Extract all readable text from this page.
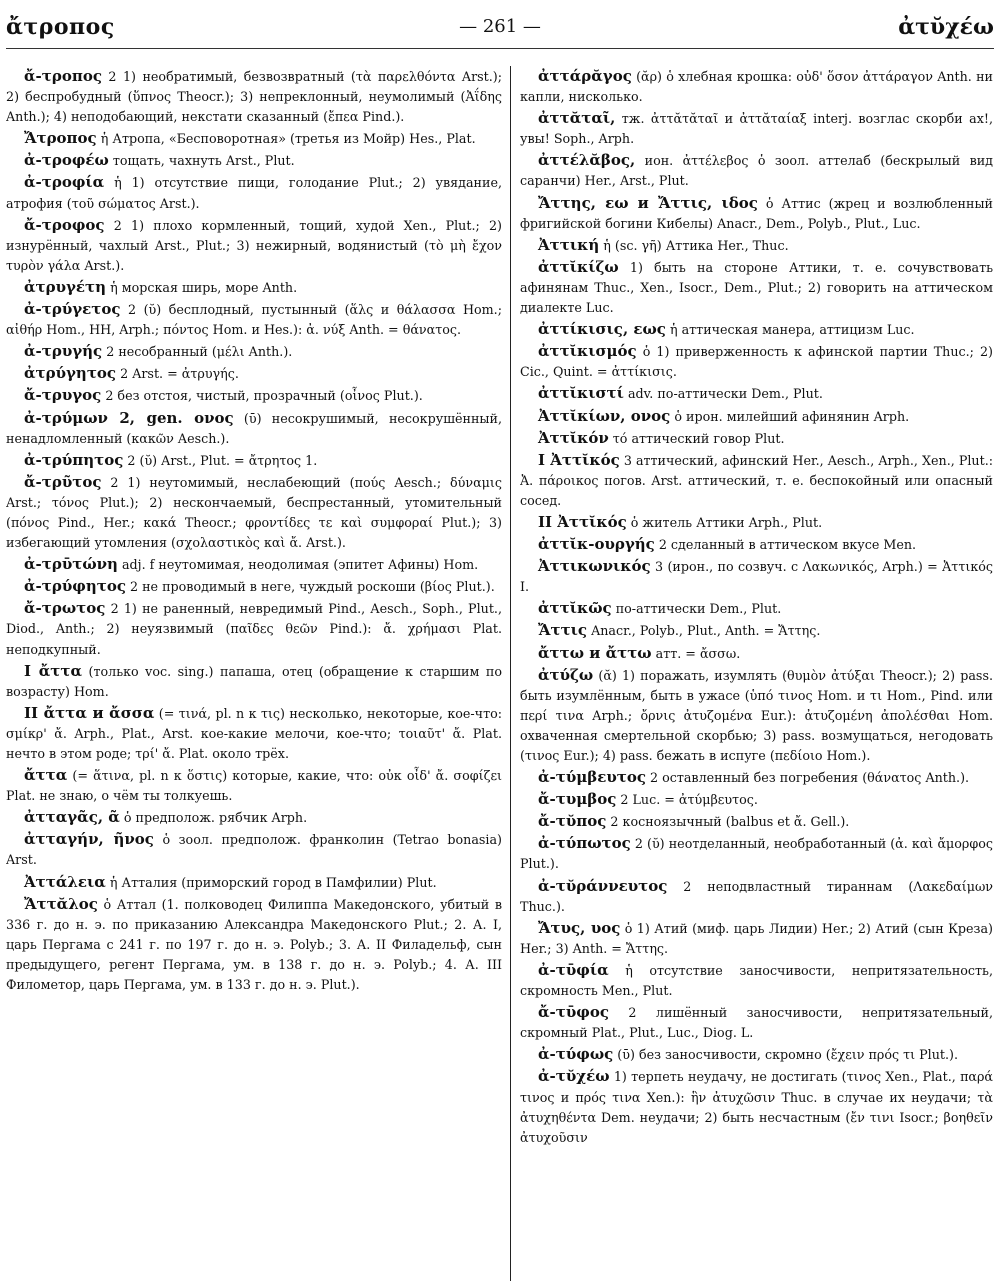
ἄτροπος	— 261 —	ἀτῠχέω

ἄ-τροπος 2 1) необратимый, безвозвратный (τὰ παρελθόντα Arst.); 2) беспробудный (ὕπνος Theocr.); 3) непреклонный, неумолимый (Ἀΐδης Anth.); 4) неподобающий, некстати сказанный (ἔπεα Pind.).

Ἄτροπος ἡ Атропа, «Бесповоротная» (третья из Мойр) Hes., Plat.

ἀ-τροφέω тощать, чахнуть Arst., Plut.

ἀ-τροφία ἡ 1) отсутствие пищи, голодание Plut.; 2) увядание, атрофия (τοῦ σώματος Arst.).

ἄ-τροφος 2 1) плохо кормленный, тощий, худой Xen., Plut.; 2) изнурённый, чахлый Arst., Plut.; 3) нежирный, водянистый (τὸ μὴ ἔχον τυρὸν γάλα Arst.).

ἀτρυγέτη ἡ морская ширь, море Anth.

ἀ-τρύγετος 2 (ῠ) бесплодный, пустынный (ἅλς и θάλασσα Hom.; αἰθήρ Hom., HH, Arph.; πόντος Hom. и Hes.): ἀ. νύξ Anth. = θάνατος.

ἀ-τρυγής 2 несобранный (μέλι Anth.).

ἀτρύγητος 2 Arst. = ἀτρυγής.

ἄ-τρυγος 2 без отстоя, чистый, прозрачный (οἶνος Plut.).

ἀ-τρύμων 2, gen. ονος (ῡ) несокрушимый, несокрушённый, ненадломленный (κακῶν Aesch.).

ἀ-τρύπητος 2 (ῠ) Arst., Plut. = ἄτρητος 1.

ἄ-τρῦτος 2 1) неутомимый, неслабеющий (πούς Aesch.; δύναμις Arst.; τόνος Plut.); 2) нескончаемый, беспрестанный, утомительный (πόνος Pind., Her.; κακά Theocr.; φροντίδες τε καὶ συμφοραί Plut.); 3) избегающий утомления (σχολαστικὸς καὶ ἄ. Arst.).

ἀ-τρῡτώνη adj. f неутомимая, неодолимая (эпитет Афины) Hom.

ἀ-τρύφητος 2 не проводимый в неге, чуждый роскоши (βίος Plut.).

ἄ-τρωτος 2 1) не раненный, невредимый Pind., Aesch., Soph., Plut., Diod., Anth.; 2) неуязвимый (παῖδες θεῶν Pind.): ἄ. χρήμασι Plat. неподкупный.

I ἄττα (только voc. sing.) папаша, отец (обращение к старшим по возрасту) Hom.

II ἄττα и ἄσσα (= τινά, pl. n к τις) несколько, некоторые, кое-что: σμίκρ' ἄ. Arph., Plat., Arst. кое-какие мелочи, кое-что; τοιαῦτ' ἄ. Plat. нечто в этом роде; τρί' ἄ. Plat. около трёх.

ἄττα (= ἅτινα, pl. n к ὅστις) которые, какие, что: οὐκ οἶδ' ἄ. σοφίζει Plat. не знаю, о чём ты толкуешь.

ἀτταγᾶς, ᾶ ὁ предполож. рябчик Arph.

ἀτταγήν, ῆνος ὁ зоол. предполож. франколин (Tetrao bonasia) Arst.

Ἀττάλεια ἡ Атталия (приморский город в Памфилии) Plut.

Ἄττᾰλος ὁ Аттал (1. полководец Филиппа Македонского, убитый в 336 г. до н. э. по приказанию Александра Македонского Plut.; 2. А. I, царь Пергама с 241 г. по 197 г. до н. э. Polyb.; 3. А. II Филадельф, сын предыдущего, регент Пергама, ум. в 138 г. до н. э. Polyb.; 4. А. III Филометор, царь Пергама, ум. в 133 г. до н. э. Plut.).

ἀττάρᾰγος (ᾰρ) ὁ хлебная крошка: οὐδ' ὅσον ἀττάραγον Anth. ни капли, нисколько.

ἀττᾰταῖ, тж. ἀττᾰτᾰταῖ и ἀττᾰταίαξ interj. возглас скорби ах!, увы! Soph., Arph.

ἀττέλᾰβος, ион. ἀττέλεβος ὁ зоол. аттелаб (бескрылый вид саранчи) Her., Arst., Plut.

Ἄττης, εω и Ἄττις, ιδος ὁ Аттис (жрец и возлюбленный фригийской богини Кибелы) Anacr., Dem., Polyb., Plut., Luc.

Ἀττική ἡ (sc. γῆ) Аттика Her., Thuc.

ἀττῐκίζω 1) быть на стороне Аттики, т. е. сочувствовать афинянам Thuc., Xen., Isocr., Dem., Plut.; 2) говорить на аттическом диалекте Luc.

ἀττίκισις, εως ἡ аттическая манера, аттицизм Luc.

ἀττῐκισμός ὁ 1) приверженность к афинской партии Thuc.; 2) Cic., Quint. = ἀττίκισις.

ἀττῐκιστί adv. по-аттически Dem., Plut.

Ἀττῐκίων, ονος ὁ ирон. милейший афинянин Arph.

Ἀττῐκόν τό аттический говор Plut.

I Ἀττῐκός 3 аттический, афинский Her., Aesch., Arph., Xen., Plut.: Ἀ. πάροικος погов. Arst. аттический, т. е. беспокойный или опасный сосед.

II Ἀττῐκός ὁ житель Аттики Arph., Plut.

ἀττῐκ-ουργής 2 сделанный в аттическом вкусе Men.

Ἀττικωνικός 3 (ирон., по созвуч. с Λακωνικός, Arph.) = Ἀττικός I.

ἀττῐκῶς по-аттически Dem., Plut.

Ἄττις Anacr., Polyb., Plut., Anth. = Ἄττης.

ἄττω и ἄττω атт. = ἄσσω.

ἀτύζω (ᾰ) 1) поражать, изумлять (θυμὸν ἀτύξαι Theocr.); 2) pass. быть изумлённым, быть в ужасе (ὑπό τινος Hom. и τι Hom., Pind. или περί τινα Arph.; ὄρνις ἀτυζομένα Eur.): ἀτυζομένη ἀπολέσθαι Hom. охваченная смертельной скорбью; 3) pass. возмущаться, негодовать (τινος Eur.); 4) pass. бежать в испуге (πεδίοιο Hom.).

ἀ-τύμβευτος 2 оставленный без погребения (θάνατος Anth.).

ἄ-τυμβος 2 Luc. = ἀτύμβευτος.

ἄ-τῠπος 2 косноязычный (balbus et ἄ. Gell.).

ἀ-τύπωτος 2 (ῠ) неотделанный, необработанный (ἀ. καὶ ἄμορφος Plut.).

ἀ-τῠράννευτος 2 неподвластный тираннам (Λακεδαίμων Thuc.).

Ἄτυς, υος ὁ 1) Атий (миф. царь Лидии) Her.; 2) Атий (сын Креза) Her.; 3) Anth. = Ἄττης.

ἀ-τῡφία ἡ отсутствие заносчивости, непритязательность, скромность Men., Plut.

ἄ-τῡφος 2 лишённый заносчивости, непритязательный, скромный Plat., Plut., Luc., Diog. L.

ἀ-τύφως (ῡ) без заносчивости, скромно (ἔχειν πρός τι Plut.).

ἀ-τῠχέω 1) терпеть неудачу, не достигать (τινος Xen., Plat., παρά τινος и πρός τινα Xen.): ἣν ἀτυχῶσιν Thuc. в случае их неудачи; τὰ ἀτυχηθέντα Dem. неудачи; 2) быть несчастным (ἔν τινι Isocr.; βοηθεῖν ἀτυχοῦσιν
